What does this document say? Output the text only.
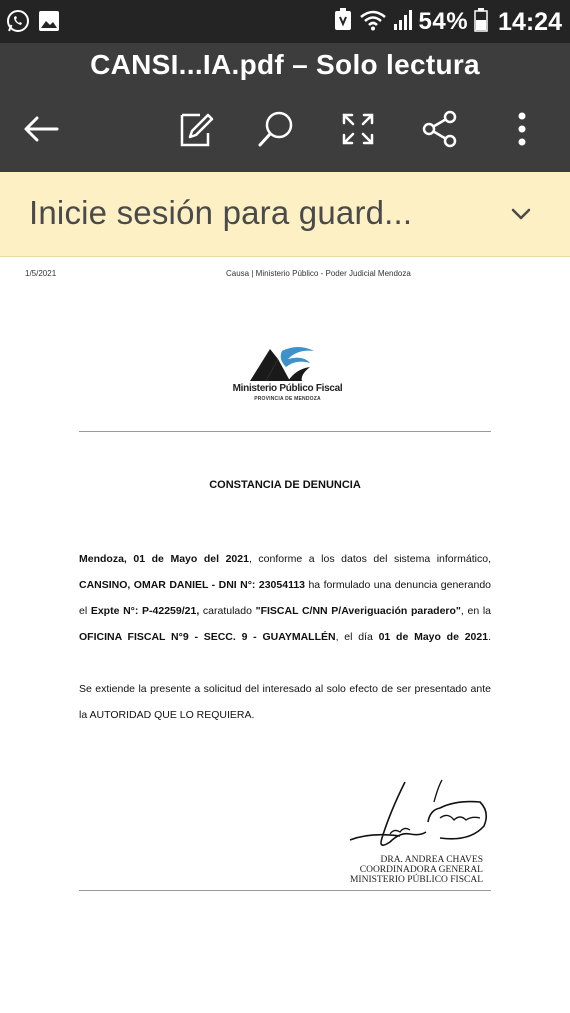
54% 14:24
CANSI...IA.pdf – Solo lectura
Inicie sesión para guard...
1/5/2021	Causa | Ministerio Público - Poder Judicial Mendoza
Ministerio Público Fiscal
PROVINCIA DE MENDOZA
CONSTANCIA DE DENUNCIA
Mendoza, 01 de Mayo del 2021, conforme a los datos del sistema informático, CANSINO, OMAR DANIEL - DNI N°: 23054113 ha formulado una denuncia generando el Expte N°: P-42259/21, caratulado "FISCAL C/NN P/Averiguación paradero", en la OFICINA FISCAL N°9 - SECC. 9 - GUAYMALLÉN, el día 01 de Mayo de 2021.
Se extiende la presente a solicitud del interesado al solo efecto de ser presentado ante la AUTORIDAD QUE LO REQUIERA.
DRA. ANDREA CHAVES
COORDINADORA GENERAL
MINISTERIO PÚBLICO FISCAL
